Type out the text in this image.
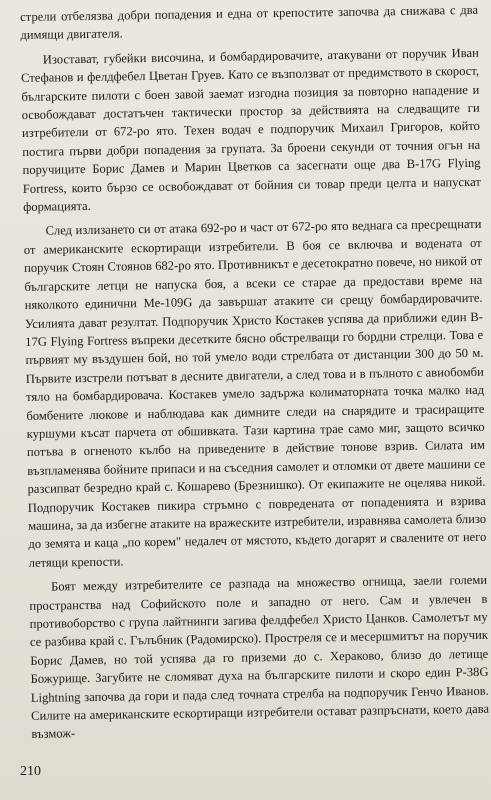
стрели отбелязва добри попадения и една от крепостите започва да снижава с два димящи двигателя.

Изостават, губейки височина, и бомбардировачите, атакувани от поручик Иван Стефанов и фелдфебел Цветан Груев. Като се възползват от предимството в скорост, българските пилоти с боен завой заемат изгодна позиция за повторно нападение и освобождават достатъчен тактически простор за действията на следващите ги изтребители от 672-ро ято. Техен водач е подпоручик Михаил Григоров, който постига първи добри попадения за групата. За броени секунди от точния огън на поручиците Борис Дамев и Марин Цветков са засегнати още два B-17G Flying Fortress, които бързо се освобождават от бойния си товар преди целта и напускат формацията.

След излизането си от атака 692-ро и част от 672-ро ято веднага са пресрещнати от американските ескортиращи изтребители. В боя се включва и водената от поручик Стоян Стоянов 682-ро ято. Противникът е десетократно повече, но никой от българските летци не напуска боя, а всеки се старае да предостави време на няколкото единични Me-109G да завършат атаките си срещу бомбардировачите. Усилията дават резултат. Подпоручик Христо Костакев успява да приближи един B-17G Flying Fortress въпреки десетките бясно обстрелващи го бордни стрелци. Това е първият му въздушен бой, но той умело води стрелбата от дистанции 300 до 50 м. Първите изстрели потъват в десните двигатели, а след това и в пълното с авиобомби тяло на бомбардировача. Костакев умело задържа колиматорната точка малко над бомбените люкове и наблюдава как димните следи на снарядите и трасиращите куршуми късат парчета от обшивката. Тази картина трае само миг, защото всичко потъва в огненото кълбо на приведените в действие тонове взрив. Силата им възпламенява бойните припаси и на съседния самолет и отломки от двете машини се разсипват безредно край с. Кошарево (Брезнишко). От екипажите не оцелява никой. Подпоручик Костакев пикира стръмно с повредената от попаденията и взрива машина, за да избегне атаките на вражеските изтребители, изравнява самолета близо до земята и каца „по корем" недалеч от мястото, където догарят и свалените от него летящи крепости.

Боят между изтребителите се разпада на множество огнища, заели големи пространства над Софийското поле и западно от него. Сам и увлечен в противоборство с група лайтнинги загива фелдфебел Христо Цанков. Самолетът му се разбива край с. Гълъбник (Радомирско). Простреля се и месершмитът на поручик Борис Дамев, но той успява да го приземи до с. Хераково, близо до летище Божурище. Загубите не сломяват духа на българските пилоти и скоро един P-38G Lightning започва да гори и пада след точната стрелба на подпоручик Генчо Иванов. Силите на американските ескортиращи изтребители остават разпръснати, което дава възмож-

210
